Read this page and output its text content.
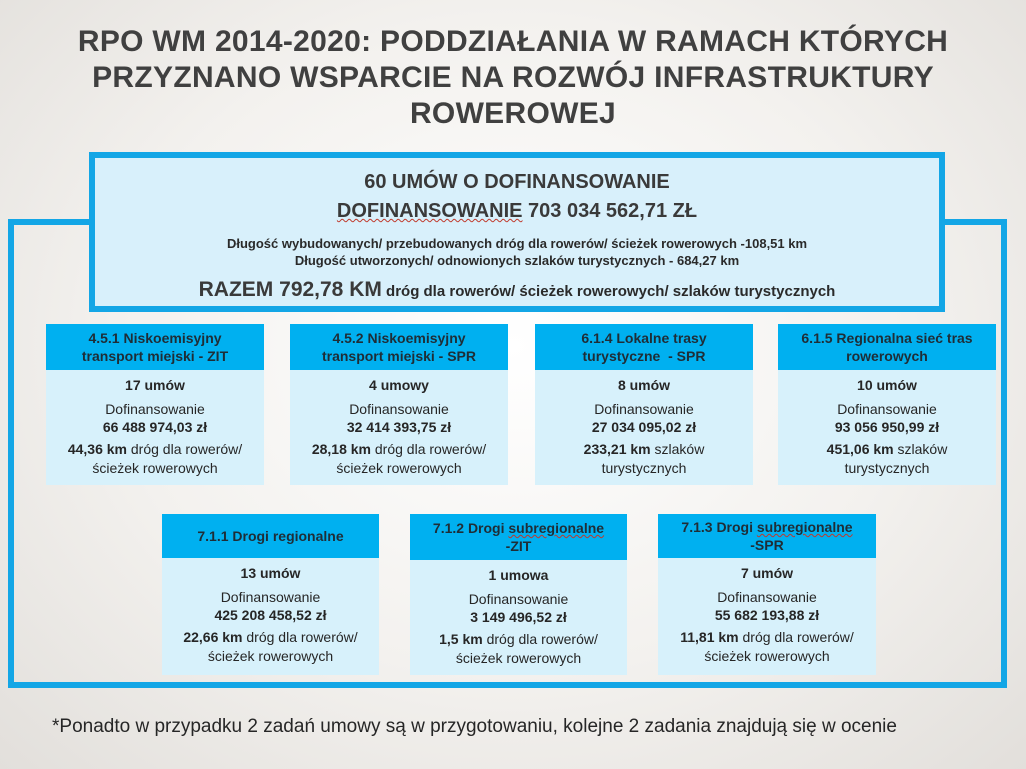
RPO WM 2014-2020: PODDZIAŁANIA W RAMACH KTÓRYCH
PRZYZNANO WSPARCIE NA ROZWÓJ INFRASTRUKTURY
ROWEROWEJ
60 UMÓW O DOFINANSOWANIE
DOFINANSOWANIE 703 034 562,71 ZŁ
Długość wybudowanych/ przebudowanych dróg dla rowerów/ ścieżek rowerowych -108,51 km
Długość utworzonych/ odnowionych szlaków turystycznych - 684,27 km
RAZEM 792,78 KM dróg dla rowerów/ ścieżek rowerowych/ szlaków turystycznych
4.5.1 Niskoemisyjny
transport miejski - ZIT
17 umów
Dofinansowanie
66 488 974,03 zł
44,36 km dróg dla rowerów/
ścieżek rowerowych
4.5.2 Niskoemisyjny
transport miejski - SPR
4 umowy
Dofinansowanie
32 414 393,75 zł
28,18 km dróg dla rowerów/
ścieżek rowerowych
6.1.4 Lokalne trasy
turystyczne  - SPR
8 umów
Dofinansowanie
27 034 095,02 zł
233,21 km szlaków
turystycznych
6.1.5 Regionalna sieć tras
rowerowych
10 umów
Dofinansowanie
93 056 950,99 zł
451,06 km szlaków
turystycznych
7.1.1 Drogi regionalne
13 umów
Dofinansowanie
425 208 458,52 zł
22,66 km dróg dla rowerów/
ścieżek rowerowych
7.1.2 Drogi subregionalne
-ZIT
1 umowa
Dofinansowanie
3 149 496,52 zł
1,5 km dróg dla rowerów/
ścieżek rowerowych
7.1.3 Drogi subregionalne
-SPR
7 umów
Dofinansowanie
55 682 193,88 zł
11,81 km dróg dla rowerów/
ścieżek rowerowych
*Ponadto w przypadku 2 zadań umowy są w przygotowaniu, kolejne 2 zadania znajdują się w ocenie
